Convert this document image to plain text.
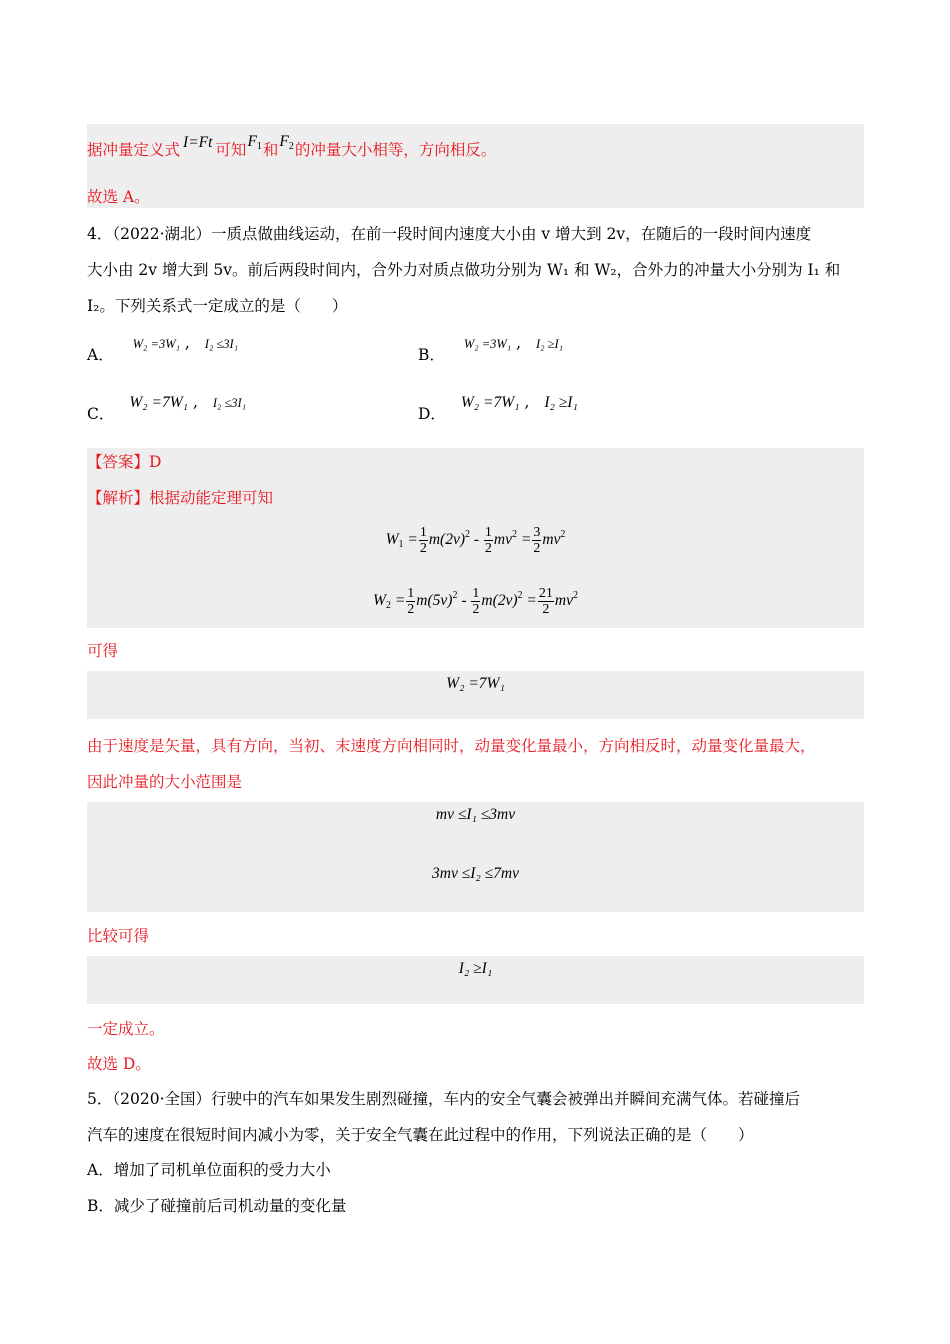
据冲量定义式 I=Ft 可知$F_1$和$F_2$的冲量大小相等，方向相反。
故选 A。
4．（2022·湖北）一质点做曲线运动，在前一段时间内速度大小由 v 增大到 2v，在随后的一段时间内速度
大小由 2v 增大到 5v。前后两段时间内，合外力对质点做功分别为 W₁ 和 W₂，合外力的冲量大小分别为 I₁ 和
I₂。下列关系式一定成立的是（　　）
A． W₂ =3W₁ , I₂ ≤3I₁
B． W₂ =3W₁ , I₂ ≥I₁
C． W₂ =7W₁ , I₂ ≤3I₁
D． W₂ =7W₁ , I₂ ≥I₁
【答案】D
【解析】根据动能定理可知
$W_1 = \frac{1}{2} m(2v)^2 - \frac{1}{2} mv^2 = \frac{3}{2} mv^2$
$W_2 = \frac{1}{2} m(5v)^2 - \frac{1}{2} m(2v)^2 = \frac{21}{2} mv^2$
可得
W₂ =7W₁
由于速度是矢量，具有方向，当初、末速度方向相同时，动量变化量最小，方向相反时，动量变化量最大，
因此冲量的大小范围是
mv ≤I₁ ≤3mv
3mv ≤I₂ ≤7mv
比较可得
I₂ ≥I₁
一定成立。
故选 D。
5．（2020·全国）行驶中的汽车如果发生剧烈碰撞，车内的安全气囊会被弹出并瞬间充满气体。若碰撞后
汽车的速度在很短时间内减小为零，关于安全气囊在此过程中的作用，下列说法正确的是（　　）
A．增加了司机单位面积的受力大小
B．减少了碰撞前后司机动量的变化量
